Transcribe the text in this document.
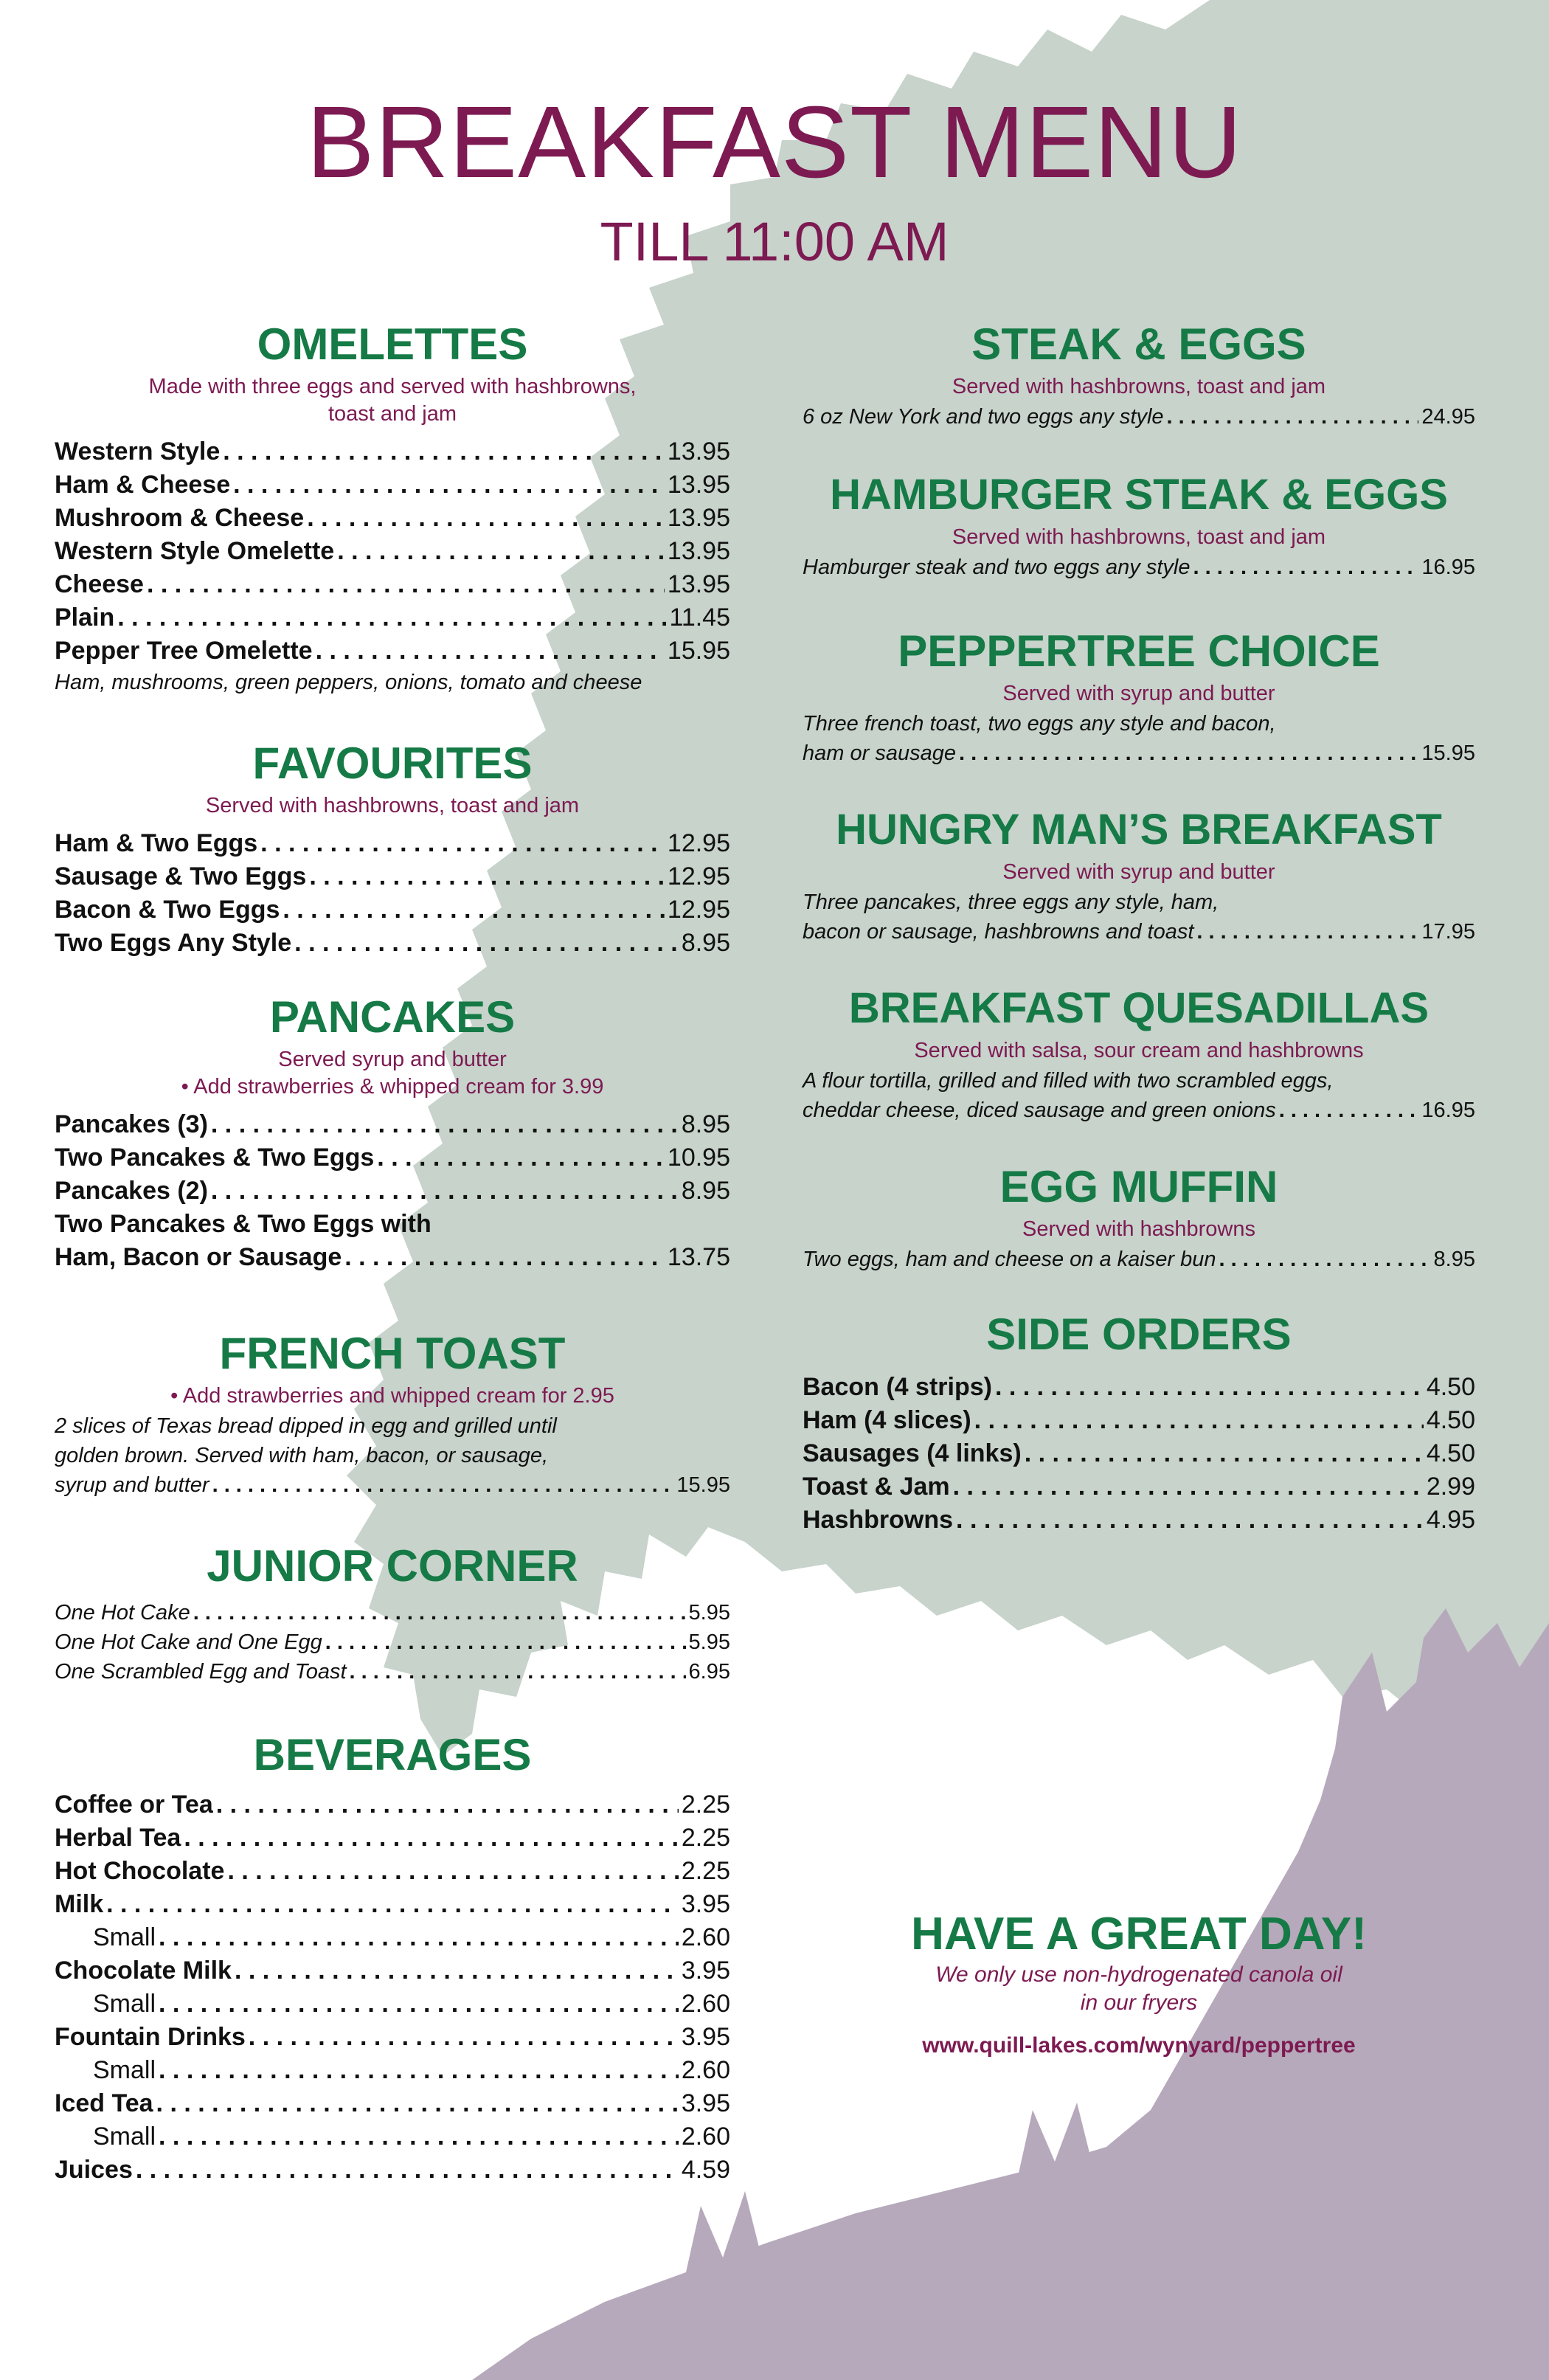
BREAKFAST MENU
TILL 11:00 AM
OMELETTES
Made with three eggs and served with hashbrowns,
toast and jam
Western Style . . .	13.95
Ham & Cheese . . .	13.95
Mushroom & Cheese . . .	13.95
Western Style Omelette . . .	13.95
Cheese . . .	13.95
Plain . . .	11.45
Pepper Tree Omelette . . .	15.95
Ham, mushrooms, green peppers, onions, tomato and cheese
FAVOURITES
Served with hashbrowns, toast and jam
Ham & Two Eggs . . .	12.95
Sausage & Two Eggs . . .	12.95
Bacon & Two Eggs . . .	12.95
Two Eggs Any Style . . .	8.95
PANCAKES
Served syrup and butter
• Add strawberries & whipped cream for 3.99
Pancakes (3) . . .	8.95
Two Pancakes & Two Eggs . . .	10.95
Pancakes (2) . . .	8.95
Two Pancakes & Two Eggs with
Ham, Bacon or Sausage . . .	13.75
FRENCH TOAST
• Add strawberries and whipped cream for 2.95
2 slices of Texas bread dipped in egg and grilled until
golden brown. Served with ham, bacon, or sausage,
syrup and butter . . .	15.95
JUNIOR CORNER
One Hot Cake . . .	5.95
One Hot Cake and One Egg . . .	5.95
One Scrambled Egg and Toast . . .	6.95
BEVERAGES
Coffee or Tea . . .	2.25
Herbal Tea . . .	2.25
Hot Chocolate . . .	2.25
Milk . . .	3.95
Small . . .	2.60
Chocolate Milk . . .	3.95
Small . . .	2.60
Fountain Drinks . . .	3.95
Small . . .	2.60
Iced Tea . . .	3.95
Small . . .	2.60
Juices . . .	4.59
STEAK & EGGS
Served with hashbrowns, toast and jam
6 oz New York and two eggs any style . . .	24.95
HAMBURGER STEAK & EGGS
Served with hashbrowns, toast and jam
Hamburger steak and two eggs any style . . .	16.95
PEPPERTREE CHOICE
Served with syrup and butter
Three french toast, two eggs any style and bacon,
ham or sausage . . .	15.95
HUNGRY MAN’S BREAKFAST
Served with syrup and butter
Three pancakes, three eggs any style, ham,
bacon or sausage, hashbrowns and toast . . .	17.95
BREAKFAST QUESADILLAS
Served with salsa, sour cream and hashbrowns
A flour tortilla, grilled and filled with two scrambled eggs,
cheddar cheese, diced sausage and green onions . . .	16.95
EGG MUFFIN
Served with hashbrowns
Two eggs, ham and cheese on a kaiser bun . . .	8.95
SIDE ORDERS
Bacon (4 strips) . . .	4.50
Ham (4 slices) . . .	4.50
Sausages (4 links) . . .	4.50
Toast & Jam . . .	2.99
Hashbrowns . . .	4.95
HAVE A GREAT DAY!
We only use non-hydrogenated canola oil
in our fryers
www.quill-lakes.com/wynyard/peppertree
